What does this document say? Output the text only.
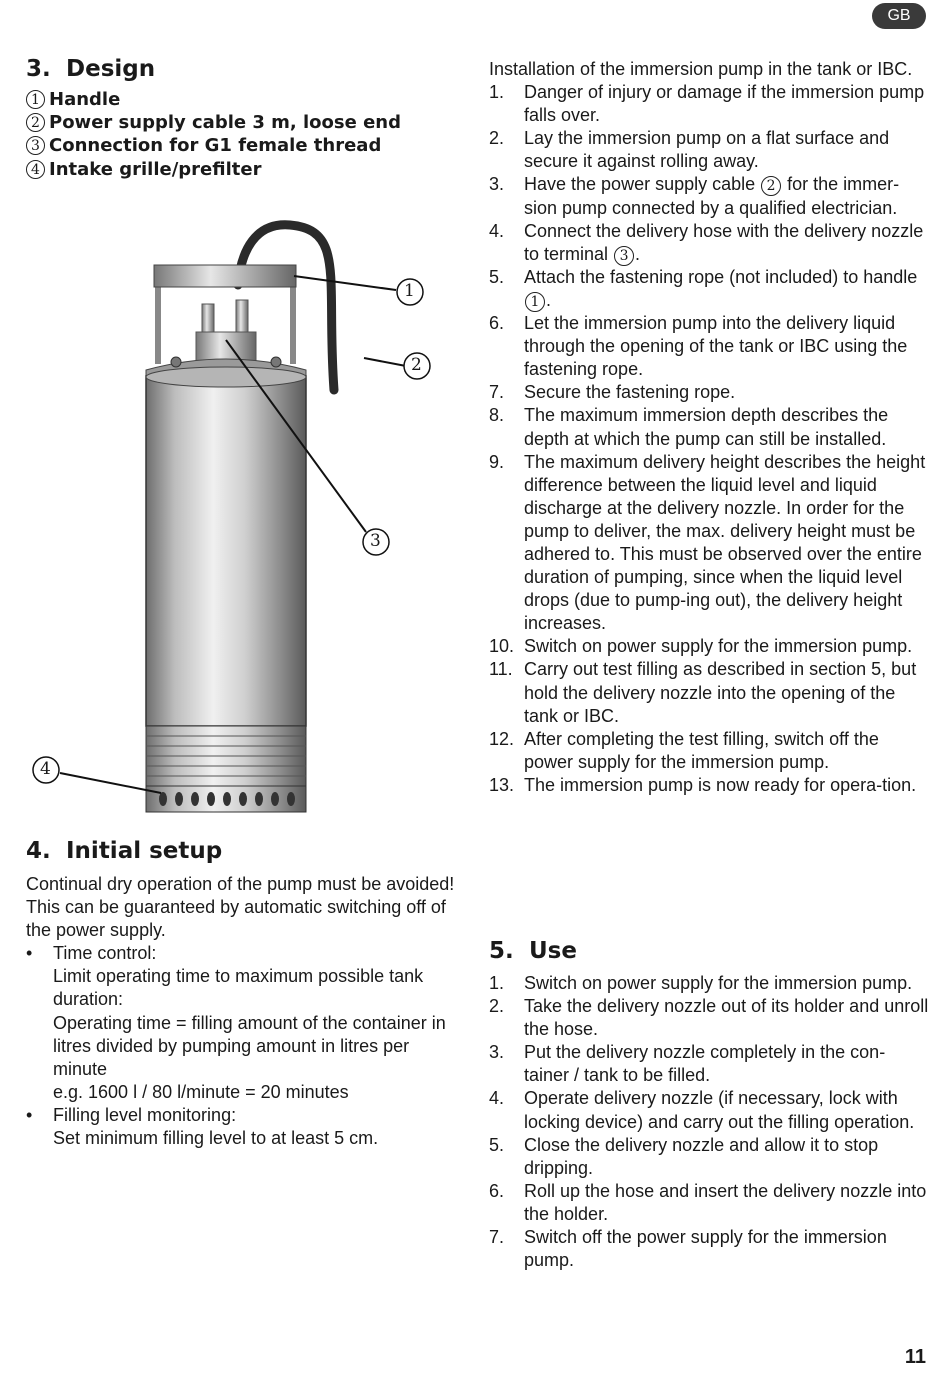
GB
3. Design
1 Handle
2 Power supply cable 3 m, loose end
3 Connection for G1 female thread
4 Intake grille/prefilter
1
2
3
4
4. Initial setup

Continual dry operation of the pump must be avoided! This can be guaranteed by automatic switching off of the power supply.

• Time control:
Limit operating time to maximum possible tank duration:
Operating time = filling amount of the container in litres divided by pumping amount in litres per minute
e.g. 1600 l / 80 l/minute = 20 minutes
• Filling level monitoring:
Set minimum filling level to at least 5 cm.

Installation of the immersion pump in the tank or IBC.

1. Danger of injury or damage if the immersion pump falls over.
2. Lay the immersion pump on a flat surface and secure it against rolling away.
3. Have the power supply cable 2 for the immer-sion pump connected by a qualified electrician.
4. Connect the delivery hose with the delivery nozzle to terminal 3 .
5. Attach the fastening rope (not included) to handle 1 .
6. Let the immersion pump into the delivery liquid through the opening of the tank or IBC using the fastening rope.
7. Secure the fastening rope.
8. The maximum immersion depth describes the depth at which the pump can still be installed.
9. The maximum delivery height describes the height difference between the liquid level and liquid discharge at the delivery nozzle. In order for the pump to deliver, the max. delivery height must be adhered to. This must be observed over the entire duration of pumping, since when the liquid level drops (due to pump-ing out), the delivery height increases.
10. Switch on power supply for the immersion pump.
11. Carry out test filling as described in section 5, but hold the delivery nozzle into the opening of the tank or IBC.
12. After completing the test filling, switch off the power supply for the immersion pump.
13. The immersion pump is now ready for opera-tion.
5. Use
1. Switch on power supply for the immersion pump.
2. Take the delivery nozzle out of its holder and unroll the hose.
3. Put the delivery nozzle completely in the con-tainer / tank to be filled.
4. Operate delivery nozzle (if necessary, lock with locking device) and carry out the filling operation.
5. Close the delivery nozzle and allow it to stop dripping.
6. Roll up the hose and insert the delivery nozzle into the holder.
7. Switch off the power supply for the immersion pump.
11
